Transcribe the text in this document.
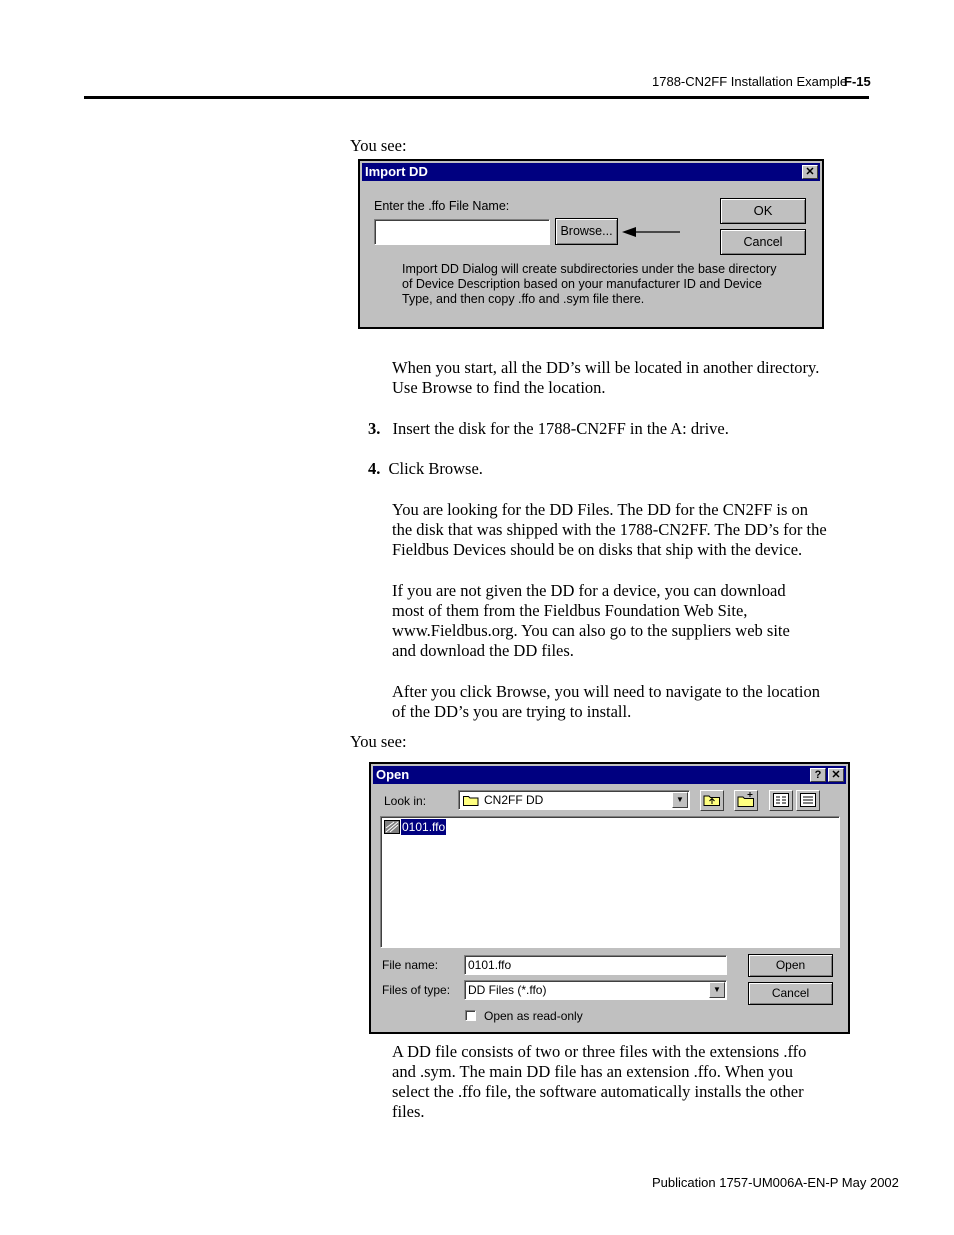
1788-CN2FF Installation Example
F-15
You see:
Import DD	✕
Enter the .ffo File Name:
Browse...
OK
Cancel
Import DD Dialog will create subdirectories under the base directory
of Device Description based on your manufacturer ID and Device
Type, and then copy .ffo and .sym file there.
When you start, all the DD’s will be located in another directory.
Use Browse to find the location.
3. Insert the disk for the 1788-CN2FF in the A: drive.
4. Click Browse.
You are looking for the DD Files. The DD for the CN2FF is on
the disk that was shipped with the 1788-CN2FF. The DD’s for the
Fieldbus Devices should be on disks that ship with the device.
If you are not given the DD for a device, you can download
most of them from the Fieldbus Foundation Web Site,
www.Fieldbus.org. You can also go to the suppliers web site
and download the DD files.
After you click Browse, you will need to navigate to the location
of the DD’s you are trying to install.
You see:
Open	? ✕
Look in:	CN2FF DD	▼
0101.ffo
File name: 0101.ffo	Open
Files of type: DD Files (*.ffo)	▼	Cancel
Open as read-only
A DD file consists of two or three files with the extensions .ffo
and .sym. The main DD file has an extension .ffo. When you
select the .ffo file, the software automatically installs the other
files.
Publication 1757-UM006A-EN-P May 2002
